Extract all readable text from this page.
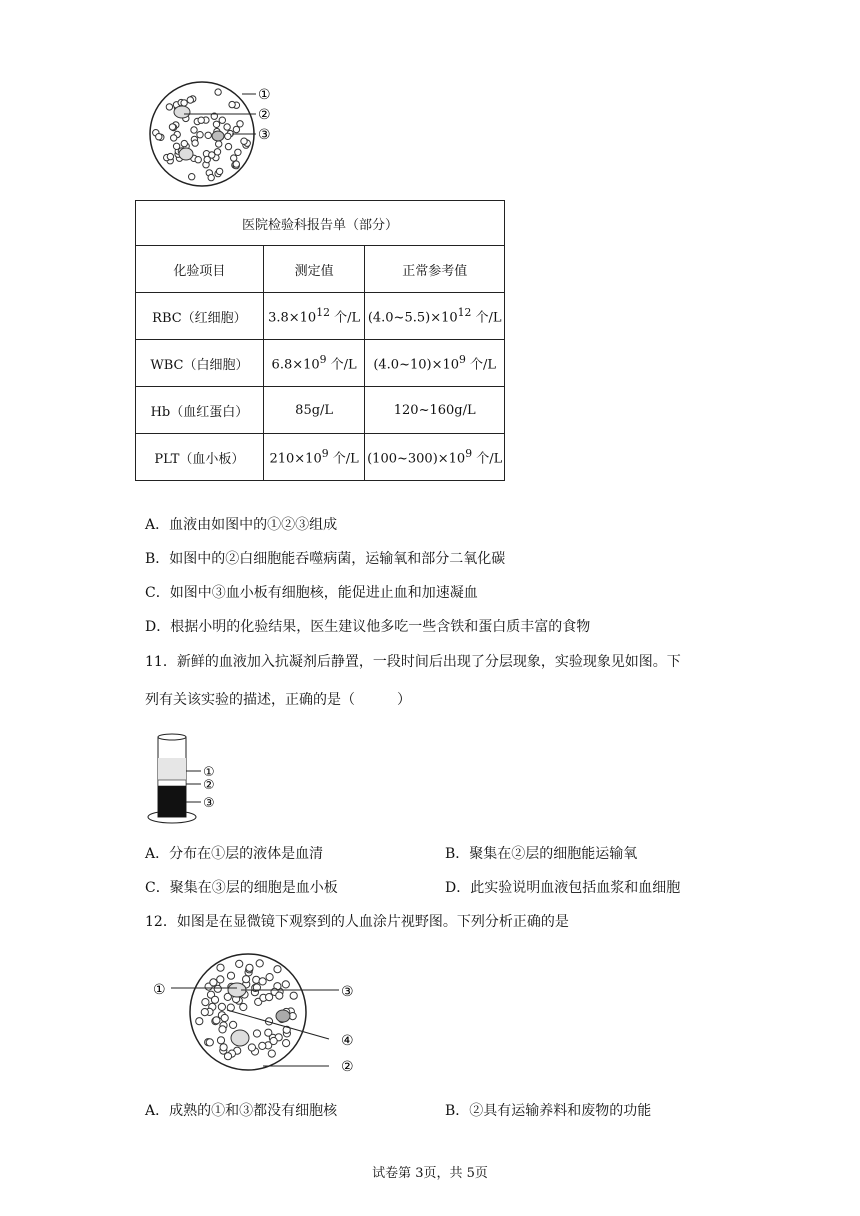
①
②
③
医院检验科报告单（部分）		
化验项目	测定值	正常参考值
RBC（红细胞）	$3.8\times 10^{12}$ 个/L	$(4.0\sim 5.5)\times 10^{12}$ 个/L
WBC（白细胞）	$6.8\times 10^9$ 个/L	$(4.0\sim 10)\times 10^9$ 个/L
Hb（血红蛋白）	85g/L	120~160g/L
PLT（血小板）	$210\times 10^9$ 个/L	$(100\sim 300)\times 10^9$ 个/L
A．血液由如图中的①②③组成
B．如图中的②白细胞能吞噬病菌，运输氧和部分二氧化碳
C．如图中③血小板有细胞核，能促进止血和加速凝血
D．根据小明的化验结果，医生建议他多吃一些含铁和蛋白质丰富的食物
11．新鲜的血液加入抗凝剂后静置，一段时间后出现了分层现象，实验现象见如图。下
列有关该实验的描述，正确的是（　　　）
①
②
③
A．分布在①层的液体是血清	B．聚集在②层的细胞能运输氧
C．聚集在③层的细胞是血小板	D．此实验说明血液包括血浆和血细胞
12．如图是在显微镜下观察到的人血涂片视野图。下列分析正确的是
①	③
④
②
A．成熟的①和③都没有细胞核	B．②具有运输养料和废物的功能
试卷第 3页，共 5页
